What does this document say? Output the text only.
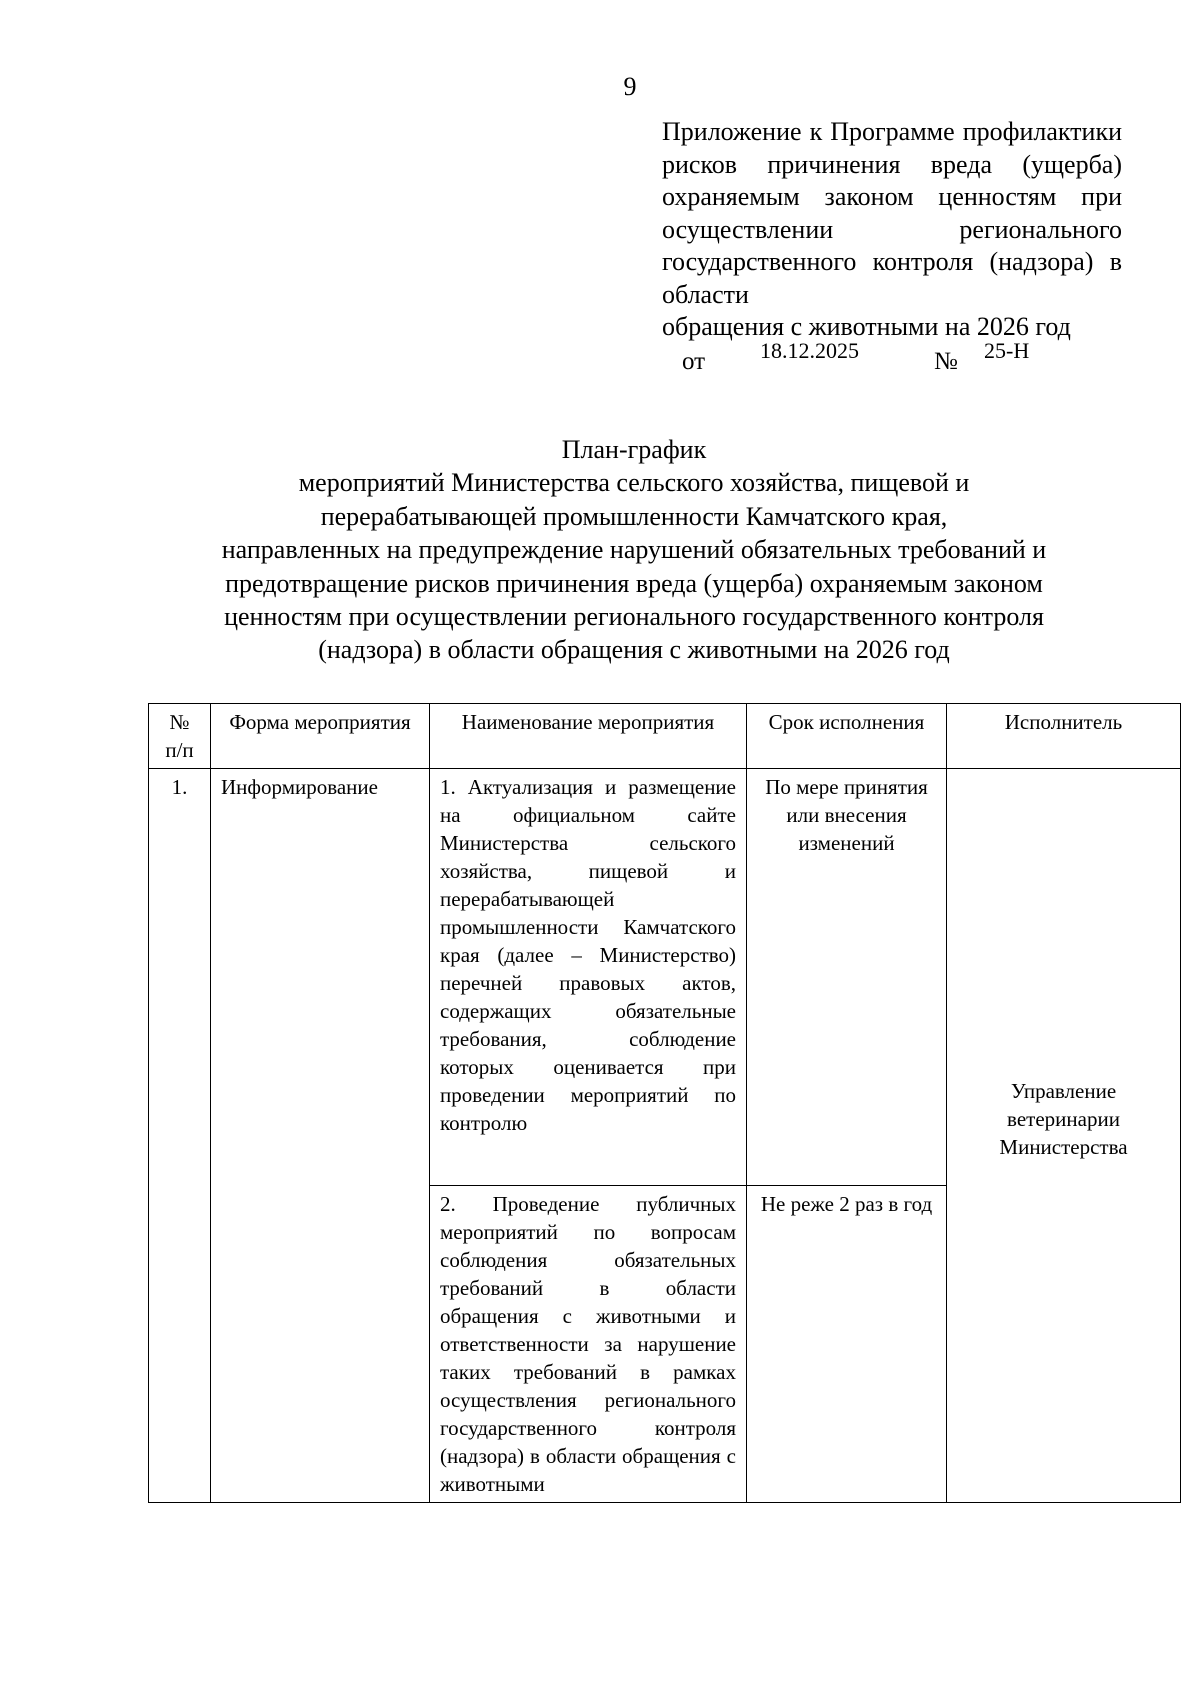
9

Приложение к Программе профилактики рисков причинения вреда (ущерба) охраняемым законом ценностям при осуществлении регионального государственного контроля (надзора) в области

обращения с животными на 2026 год

от 18.12.2025	№ 25-Н
План-график
мероприятий Министерства сельского хозяйства, пищевой и
перерабатывающей промышленности Камчатского края,
направленных на предупреждение нарушений обязательных требований и
предотвращение рисков причинения вреда (ущерба) охраняемым законом
ценностям при осуществлении регионального государственного контроля
(надзора) в области обращения с животными на 2026 год
№ п/п	Форма мероприятия	Наименование мероприятия	Срок исполнения	Исполнитель
1.	Информирование	1. Актуализация и размещение на официальном сайте Министерства сельского хозяйства, пищевой и перерабатывающей промышленности Камчатского края (далее – Министерство) перечней правовых актов, содержащих обязательные требования, соблюдение которых оценивается при проведении мероприятий по контролю	По мере принятия или внесения изменений	Управление ветеринарии Министерства

		2. Проведение публичных мероприятий по вопросам соблюдения обязательных требований в области обращения с животными и ответственности за нарушение таких требований в рамках осуществления регионального государственного контроля (надзора) в области обращения с животными	Не реже 2 раз в год	
